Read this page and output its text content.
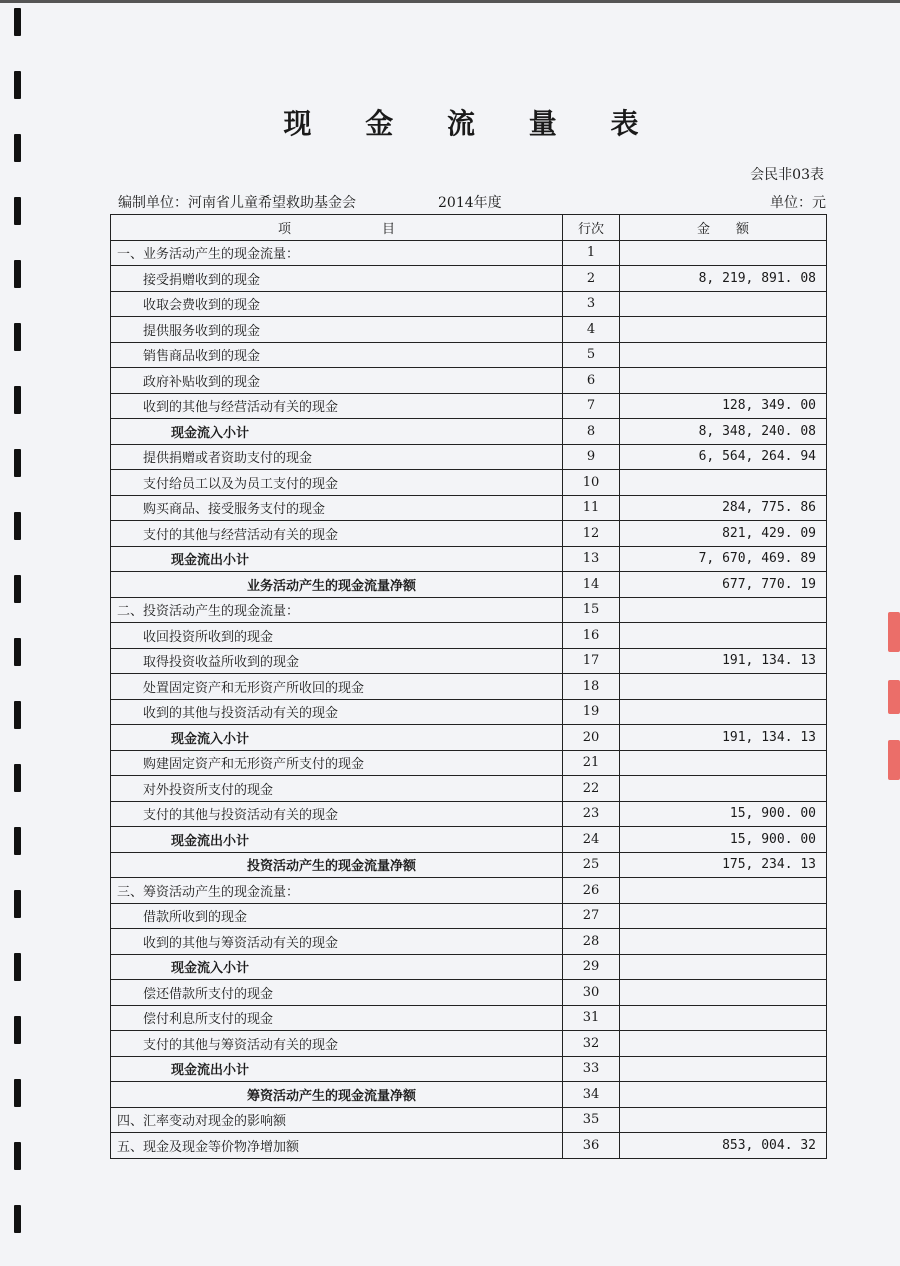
现 金 流 量 表
会民非03表
编制单位：河南省儿童希望救助基金会	2014年度	单位：元
项　　　　　　　目	行次	金　　额
一、业务活动产生的现金流量：	1	
接受捐赠收到的现金	2	8, 219, 891. 08
收取会费收到的现金	3	
提供服务收到的现金	4	
销售商品收到的现金	5	
政府补贴收到的现金	6	
收到的其他与经营活动有关的现金	7	128, 349. 00
现金流入小计	8	8, 348, 240. 08
提供捐赠或者资助支付的现金	9	6, 564, 264. 94
支付给员工以及为员工支付的现金	10	
购买商品、接受服务支付的现金	11	284, 775. 86
支付的其他与经营活动有关的现金	12	821, 429. 09
现金流出小计	13	7, 670, 469. 89
业务活动产生的现金流量净额	14	677, 770. 19
二、投资活动产生的现金流量：	15	
收回投资所收到的现金	16	
取得投资收益所收到的现金	17	191, 134. 13
处置固定资产和无形资产所收回的现金	18	
收到的其他与投资活动有关的现金	19	
现金流入小计	20	191, 134. 13
购建固定资产和无形资产所支付的现金	21	
对外投资所支付的现金	22	
支付的其他与投资活动有关的现金	23	15, 900. 00
现金流出小计	24	15, 900. 00
投资活动产生的现金流量净额	25	175, 234. 13
三、筹资活动产生的现金流量：	26	
借款所收到的现金	27	
收到的其他与筹资活动有关的现金	28	
现金流入小计	29	
偿还借款所支付的现金	30	
偿付利息所支付的现金	31	
支付的其他与筹资活动有关的现金	32	
现金流出小计	33	
筹资活动产生的现金流量净额	34	
四、汇率变动对现金的影响额	35	
五、现金及现金等价物净增加额	36	853, 004. 32
